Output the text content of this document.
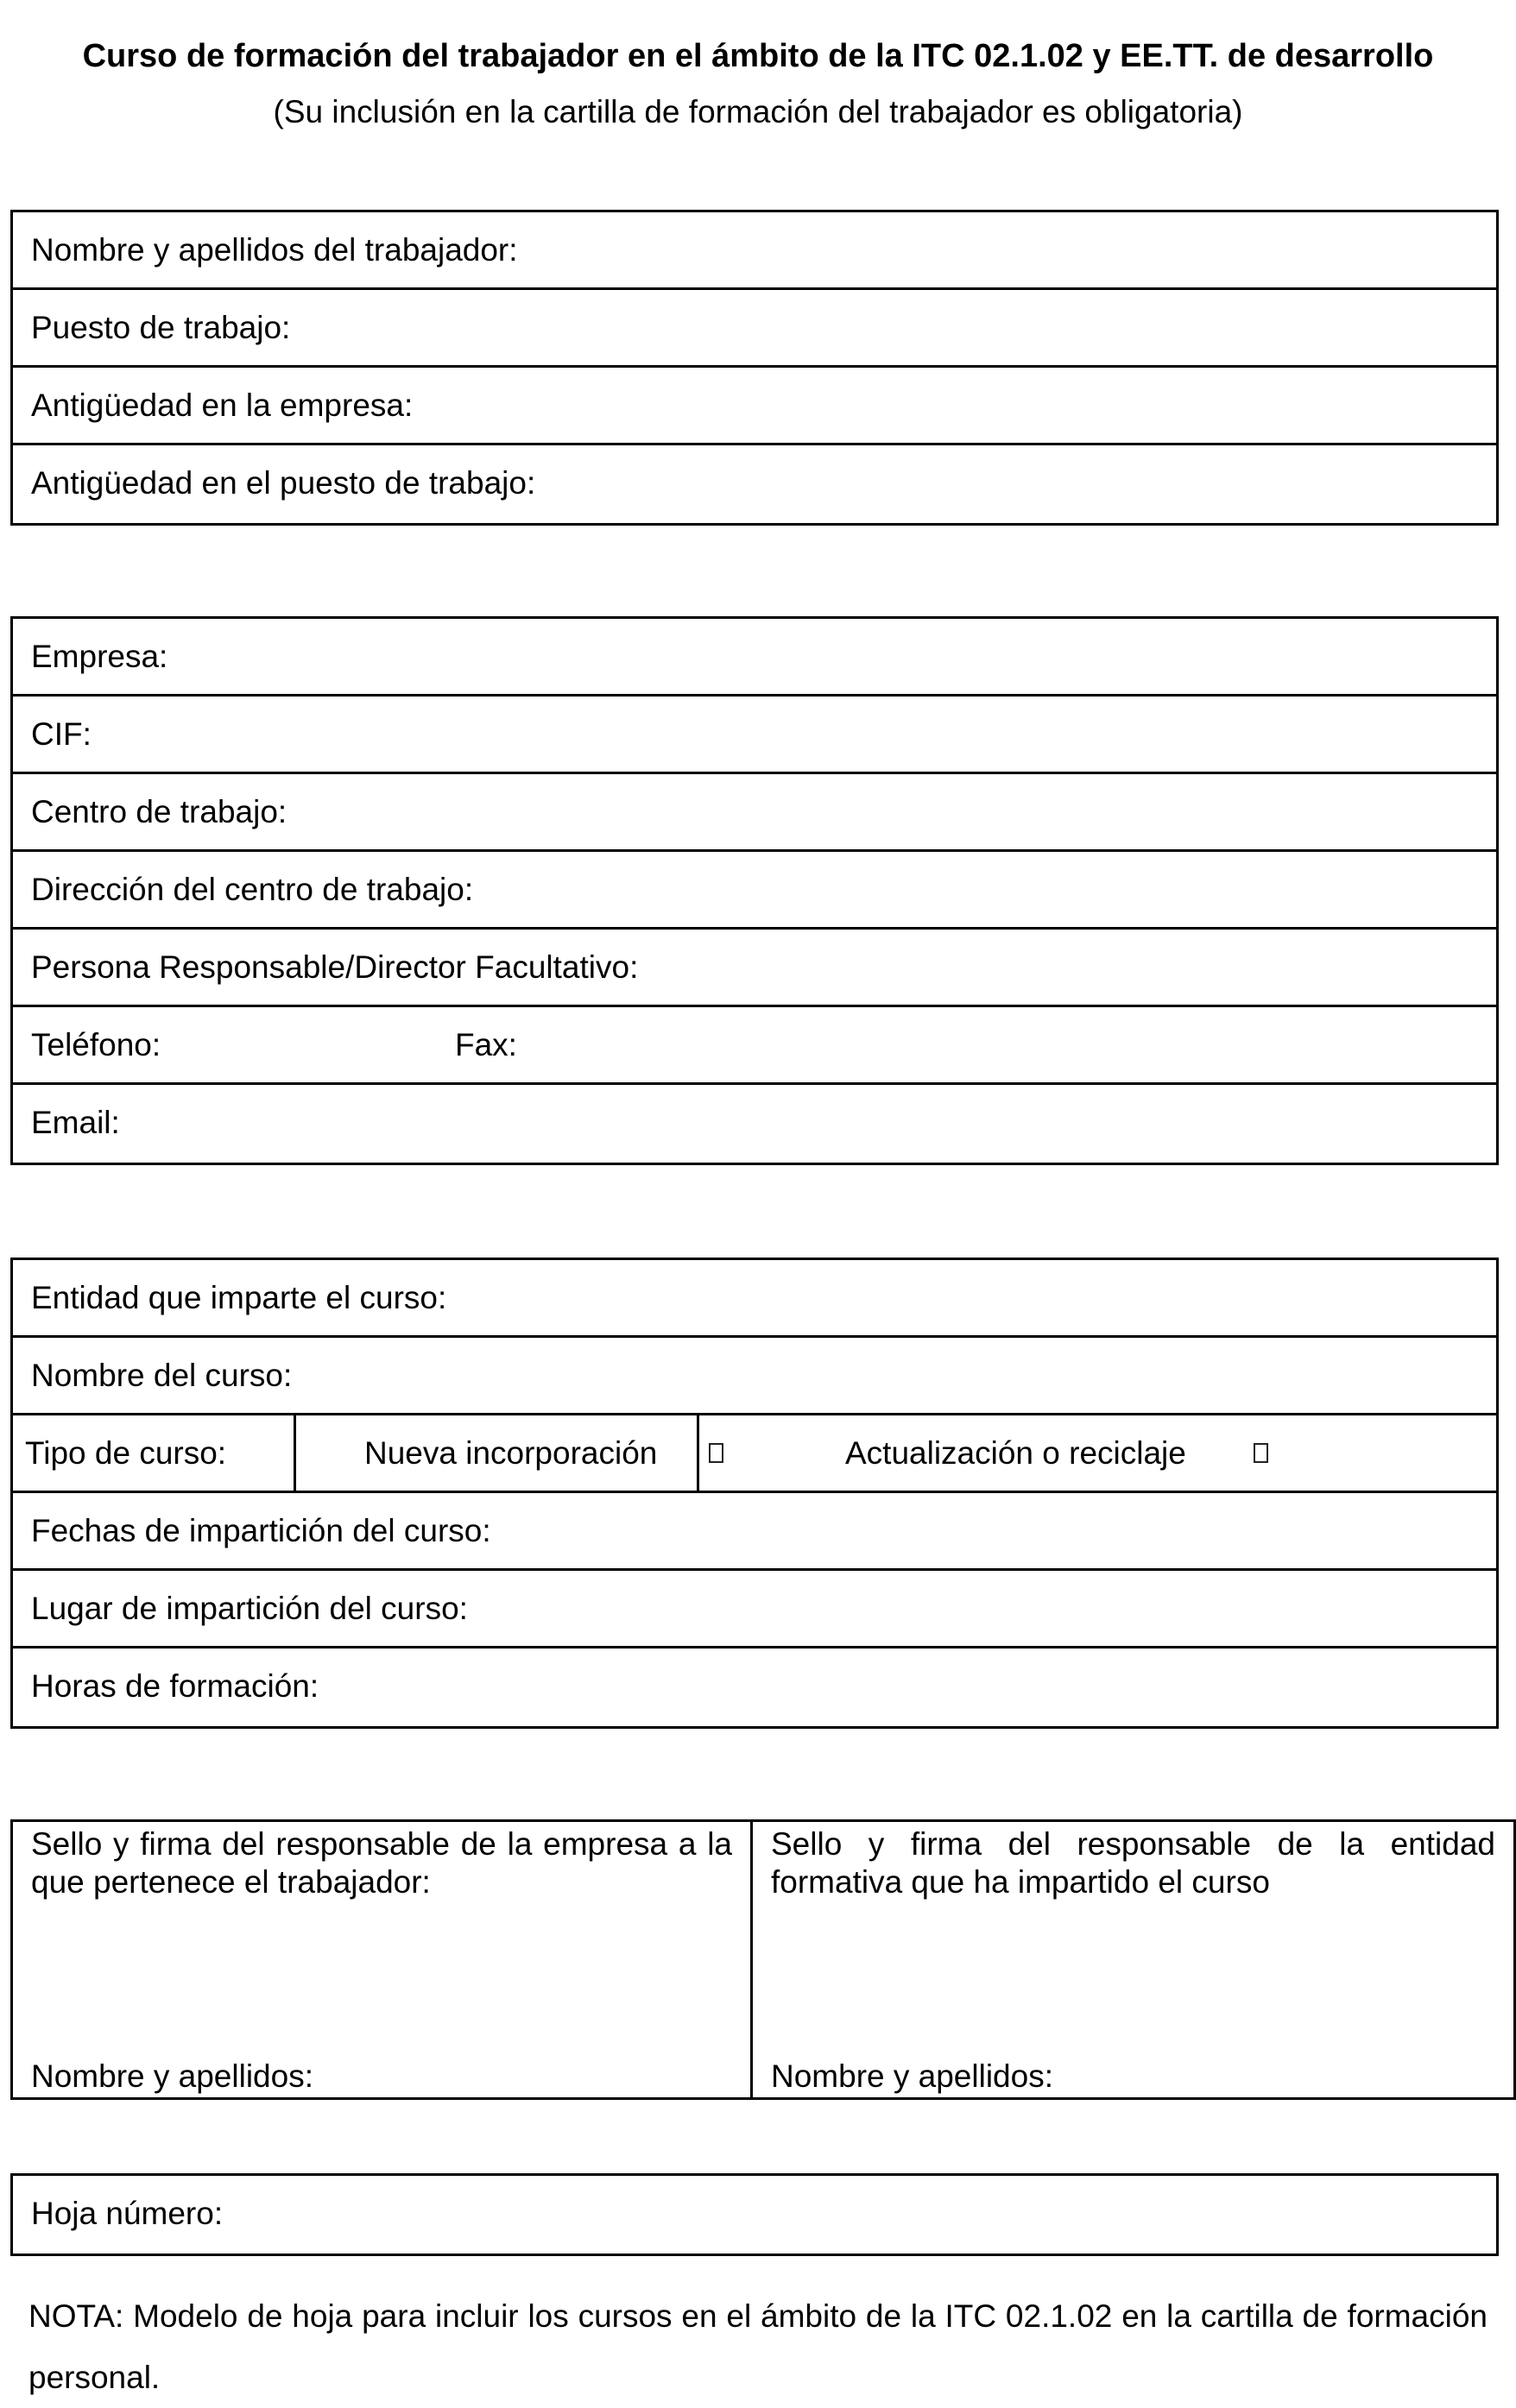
Curso de formación del trabajador en el ámbito de la ITC 02.1.02 y EE.TT. de desarrollo
(Su inclusión en la cartilla de formación del trabajador es obligatoria)
Nombre y apellidos del trabajador:
Puesto de trabajo:
Antigüedad en la empresa:
Antigüedad en el puesto de trabajo:
Empresa:
CIF:
Centro de trabajo:
Dirección del centro de trabajo:
Persona Responsable/Director Facultativo:
Teléfono:	Fax:
Email:
Entidad que imparte el curso:
Nombre del curso:
Tipo de curso:	Nueva incorporación	Actualización o reciclaje
Fechas de impartición del curso:
Lugar de impartición del curso:
Horas de formación:
Sello y firma del responsable de la empresa a la que pertenece el trabajador:
Nombre y apellidos:
Sello y firma del responsable de la entidad formativa que ha impartido el curso
Nombre y apellidos:
Hoja número:
NOTA: Modelo de hoja para incluir los cursos en el ámbito de la ITC 02.1.02 en la cartilla de formación personal.
